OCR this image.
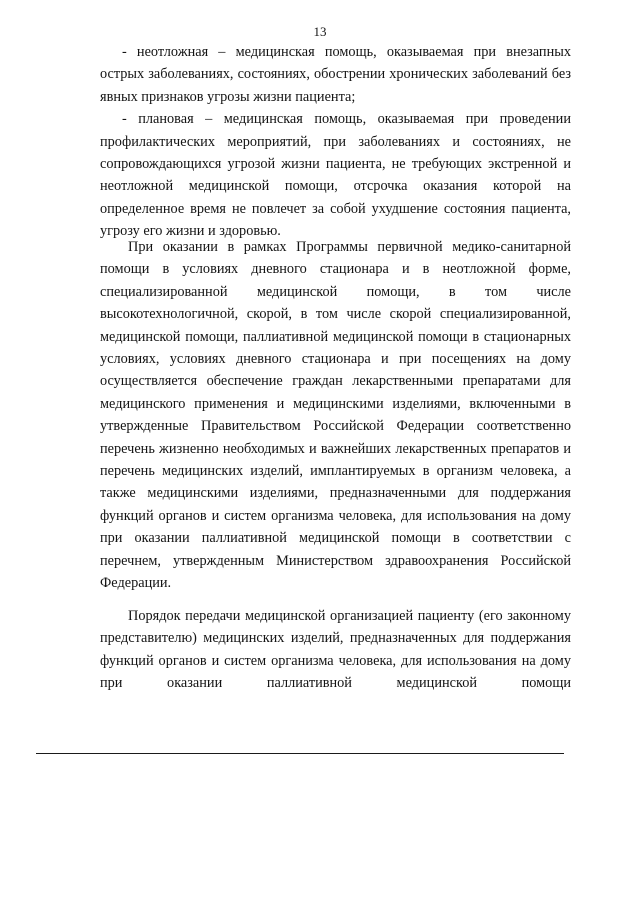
13

- неотложная – медицинская помощь, оказываемая при внезапных острых заболеваниях, состояниях, обострении хронических заболеваний без явных признаков угрозы жизни пациента;

- плановая – медицинская помощь, оказываемая при проведении профилактических мероприятий, при заболеваниях и состояниях, не сопровождающихся угрозой жизни пациента, не требующих экстренной и неотложной медицинской помощи, отсрочка оказания которой на определенное время не повлечет за собой ухудшение состояния пациента, угрозу его жизни и здоровью.

При оказании в рамках Программы первичной медико-санитарной помощи в условиях дневного стационара и в неотложной форме, специализированной медицинской помощи, в том числе высокотехнологичной, скорой, в том числе скорой специализированной, медицинской помощи, паллиативной медицинской помощи в стационарных условиях, условиях дневного стационара и при посещениях на дому осуществляется обеспечение граждан лекарственными препаратами для медицинского применения и медицинскими изделиями, включенными в утвержденные Правительством Российской Федерации соответственно перечень жизненно необходимых и важнейших лекарственных препаратов и перечень медицинских изделий, имплантируемых в организм человека, а также медицинскими изделиями, предназначенными для поддержания функций органов и систем организма человека, для использования на дому при оказании паллиативной медицинской помощи в соответствии с перечнем, утвержденным Министерством здравоохранения Российской Федерации.

Порядок передачи медицинской организацией пациенту (его законному представителю) медицинских изделий, предназначенных для поддержания функций органов и систем организма человека, для использования на дому при оказании паллиативной медицинской помощи
